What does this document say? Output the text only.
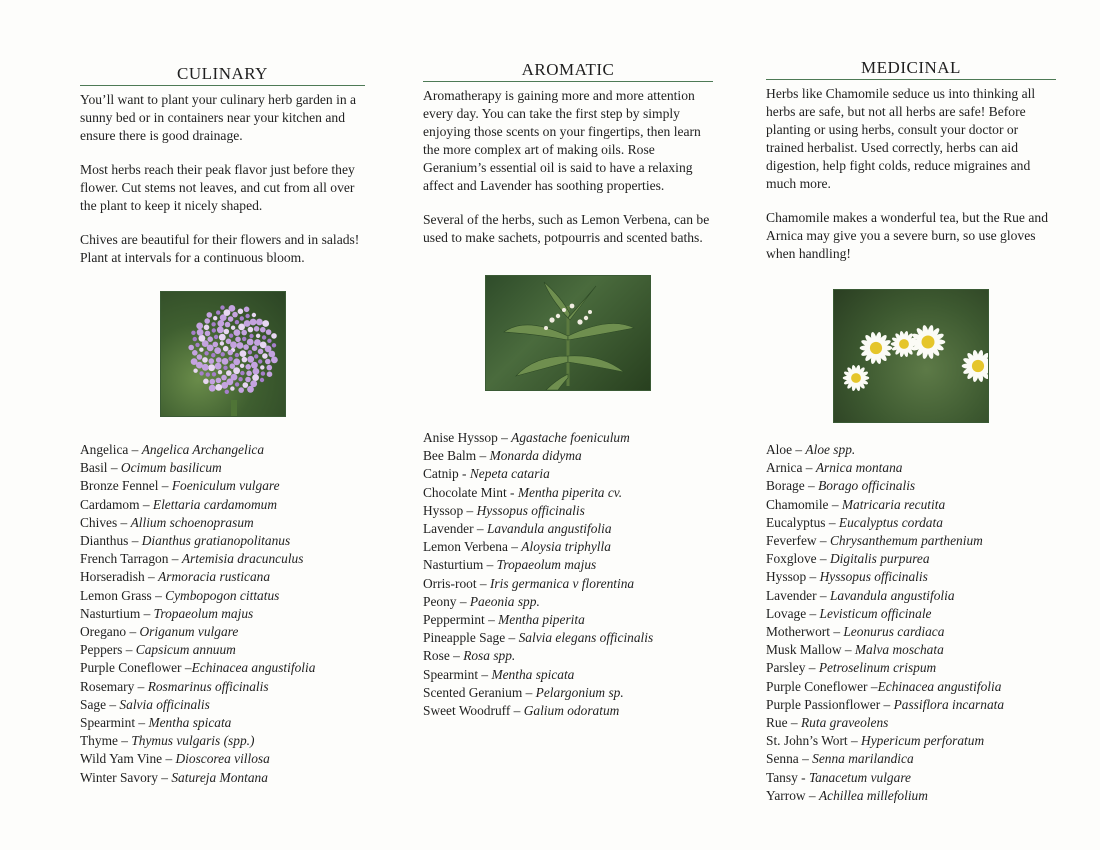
CULINARY

You’ll want to plant your culinary herb garden in a sunny bed or in containers near your kitchen and ensure there is good drainage.

Most herbs reach their peak flavor just before they flower. Cut stems not leaves, and cut from all over the plant to keep it nicely shaped.

Chives are beautiful for their flowers and in salads! Plant at intervals for a continuous bloom.

Angelica – Angelica Archangelica
Basil – Ocimum basilicum
Bronze Fennel – Foeniculum vulgare
Cardamom – Elettaria cardamomum
Chives – Allium schoenoprasum
Dianthus – Dianthus gratianopolitanus
French Tarragon – Artemisia dracunculus
Horseradish – Armoracia rusticana
Lemon Grass – Cymbopogon cittatus
Nasturtium – Tropaeolum majus
Oregano – Origanum vulgare
Peppers – Capsicum annuum
Purple Coneflower –Echinacea angustifolia
Rosemary – Rosmarinus officinalis
Sage – Salvia officinalis
Spearmint – Mentha spicata
Thyme – Thymus vulgaris (spp.)
Wild Yam Vine – Dioscorea villosa
Winter Savory – Satureja Montana
AROMATIC

Aromatherapy is gaining more and more attention every day. You can take the first step by simply enjoying those scents on your fingertips, then learn the more complex art of making oils. Rose Geranium’s essential oil is said to have a relaxing affect and Lavender has soothing properties.

Several of the herbs, such as Lemon Verbena, can be used to make sachets, potpourris and scented baths.

Anise Hyssop – Agastache foeniculum
Bee Balm – Monarda didyma
Catnip - Nepeta cataria
Chocolate Mint - Mentha piperita cv.
Hyssop – Hyssopus officinalis
Lavender – Lavandula angustifolia
Lemon Verbena – Aloysia triphylla
Nasturtium – Tropaeolum majus
Orris-root – Iris germanica v florentina
Peony – Paeonia spp.
Peppermint – Mentha piperita
Pineapple Sage – Salvia elegans officinalis
Rose – Rosa spp.
Spearmint – Mentha spicata
Scented Geranium – Pelargonium sp.
Sweet Woodruff – Galium odoratum
MEDICINAL

Herbs like Chamomile seduce us into thinking all herbs are safe, but not all herbs are safe! Before planting or using herbs, consult your doctor or trained herbalist. Used correctly, herbs can aid digestion, help fight colds, reduce migraines and much more.

Chamomile makes a wonderful tea, but the Rue and Arnica may give you a severe burn, so use gloves when handling!

Aloe – Aloe spp.
Arnica – Arnica montana
Borage – Borago officinalis
Chamomile – Matricaria recutita
Eucalyptus – Eucalyptus cordata
Feverfew – Chrysanthemum parthenium
Foxglove – Digitalis purpurea
Hyssop – Hyssopus officinalis
Lavender – Lavandula angustifolia
Lovage – Levisticum officinale
Motherwort – Leonurus cardiaca
Musk Mallow – Malva moschata
Parsley – Petroselinum crispum
Purple Coneflower –Echinacea angustifolia
Purple Passionflower – Passiflora incarnata
Rue – Ruta graveolens
St. John’s Wort – Hypericum perforatum
Senna – Senna marilandica
Tansy - Tanacetum vulgare
Yarrow – Achillea millefolium
